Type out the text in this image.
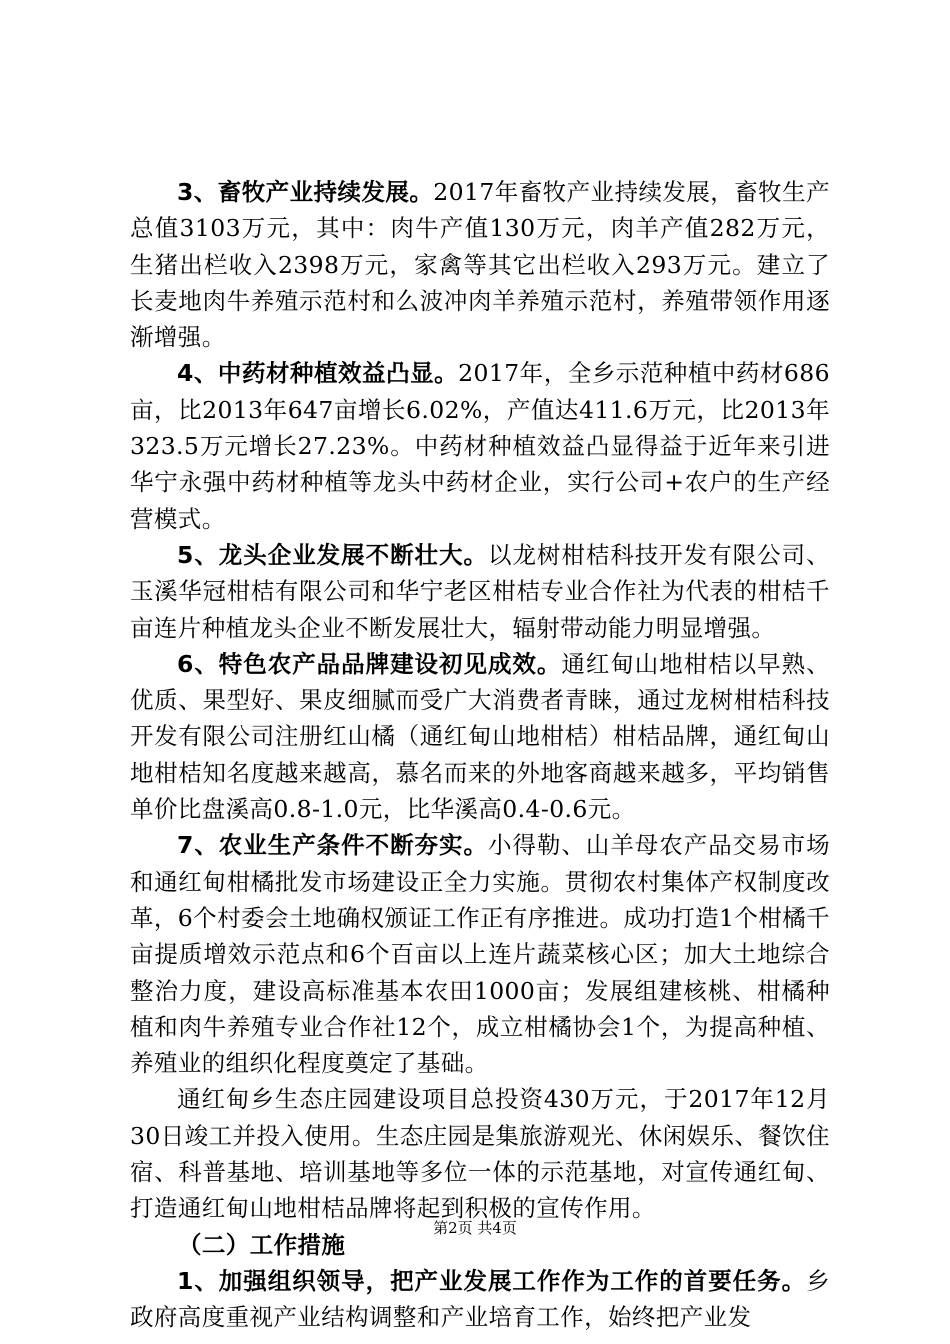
3、畜牧产业持续发展。2017年畜牧产业持续发展，畜牧生产总值3103万元，其中：肉牛产值130万元，肉羊产值282万元，生猪出栏收入2398万元，家禽等其它出栏收入293万元。建立了长麦地肉牛养殖示范村和么波冲肉羊养殖示范村，养殖带领作用逐渐增强。

4、中药材种植效益凸显。2017年，全乡示范种植中药材686亩，比2013年647亩增长6.02%，产值达411.6万元，比2013年323.5万元增长27.23%。中药材种植效益凸显得益于近年来引进华宁永强中药材种植等龙头中药材企业，实行公司+农户的生产经营模式。

5、龙头企业发展不断壮大。以龙树柑桔科技开发有限公司、玉溪华冠柑桔有限公司和华宁老区柑桔专业合作社为代表的柑桔千亩连片种植龙头企业不断发展壮大，辐射带动能力明显增强。

6、特色农产品品牌建设初见成效。通红甸山地柑桔以早熟、优质、果型好、果皮细腻而受广大消费者青睐，通过龙树柑桔科技开发有限公司注册红山橘（通红甸山地柑桔）柑桔品牌，通红甸山地柑桔知名度越来越高，慕名而来的外地客商越来越多，平均销售单价比盘溪高0.8-1.0元，比华溪高0.4-0.6元。

7、农业生产条件不断夯实。小得勒、山羊母农产品交易市场和通红甸柑橘批发市场建设正全力实施。贯彻农村集体产权制度改革，6个村委会土地确权颁证工作正有序推进。成功打造1个柑橘千亩提质增效示范点和6个百亩以上连片蔬菜核心区；加大土地综合整治力度，建设高标准基本农田1000亩；发展组建核桃、柑橘种植和肉牛养殖专业合作社12个，成立柑橘协会1个，为提高种植、养殖业的组织化程度奠定了基础。

通红甸乡生态庄园建设项目总投资430万元，于2017年12月30日竣工并投入使用。生态庄园是集旅游观光、休闲娱乐、餐饮住宿、科普基地、培训基地等多位一体的示范基地，对宣传通红甸、打造通红甸山地柑桔品牌将起到积极的宣传作用。

（二）工作措施

1、加强组织领导，把产业发展工作作为工作的首要任务。乡政府高度重视产业结构调整和产业培育工作，始终把产业发

第2页 共4页
